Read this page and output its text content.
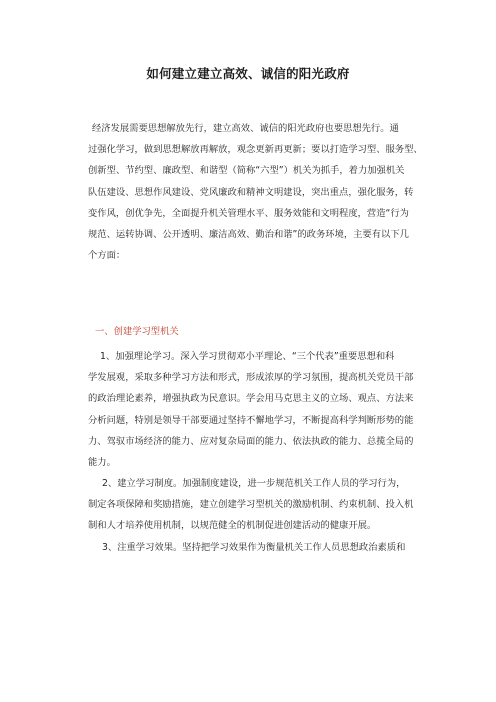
如何建立建立高效、诚信的阳光政府
经济发展需要思想解放先行，建立高效、诚信的阳光政府也要思想先行。通
过强化学习，做到思想解放再解放，观念更新再更新；要以打造学习型、服务型、
创新型、节约型、廉政型、和谐型（简称“六型”）机关为抓手，着力加强机关
队伍建设、思想作风建设、党风廉政和精神文明建设，突出重点，强化服务，转
变作风，创优争先，全面提升机关管理水平、服务效能和文明程度，营造“行为
规范、运转协调、公开透明、廉洁高效、勤治和谐”的政务环境，主要有以下几
个方面：
一、创建学习型机关
1、加强理论学习。深入学习贯彻邓小平理论、“三个代表”重要思想和科
学发展观，采取多种学习方法和形式，形成浓厚的学习氛围，提高机关党员干部
的政治理论素养，增强执政为民意识。学会用马克思主义的立场、观点、方法来
分析问题，特别是领导干部要通过坚持不懈地学习，不断提高科学判断形势的能
力、驾驭市场经济的能力、应对复杂局面的能力、依法执政的能力、总揽全局的
能力。
2、建立学习制度。加强制度建设，进一步规范机关工作人员的学习行为，
制定各项保障和奖励措施，建立创建学习型机关的激励机制、约束机制、投入机
制和人才培养使用机制，以规范健全的机制促进创建活动的健康开展。
3、注重学习效果。坚持把学习效果作为衡量机关工作人员思想政治素质和
